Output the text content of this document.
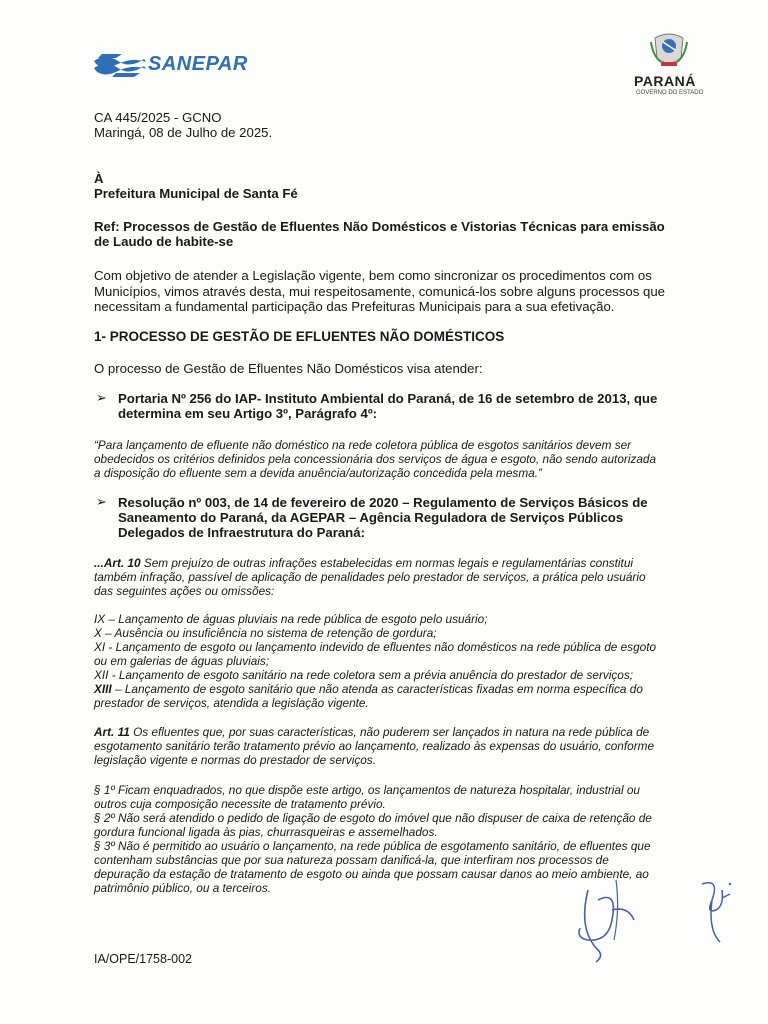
SANEPAR
PARANÁ
GOVERNO DO ESTADO
CA 445/2025 - GCNO
Maringá, 08 de Julho de 2025.
À
Prefeitura Municipal de Santa Fé
Ref: Processos de Gestão de Efluentes Não Domésticos e Vistorias Técnicas para emissão
de Laudo de habite-se
Com objetivo de atender a Legislação vigente, bem como sincronizar os procedimentos com os
Municípios, vimos através desta, mui respeitosamente, comunicá-los sobre alguns processos que
necessitam a fundamental participação das Prefeituras Municipais para a sua efetivação.
1- PROCESSO DE GESTÃO DE EFLUENTES NÃO DOMÉSTICOS
O processo de Gestão de Efluentes Não Domésticos visa atender:
➢ Portaria Nº 256 do IAP- Instituto Ambiental do Paraná, de 16 de setembro de 2013, que
determina em seu Artigo 3º, Parágrafo 4º:
“Para lançamento de efluente não doméstico na rede coletora pública de esgotos sanitários devem ser
obedecidos os critérios definidos pela concessionária dos serviços de água e esgoto, não sendo autorizada
a disposição do efluente sem a devida anuência/autorização concedida pela mesma.”
➢ Resolução nº 003, de 14 de fevereiro de 2020 – Regulamento de Serviços Básicos de
Saneamento do Paraná, da AGEPAR – Agência Reguladora de Serviços Públicos
Delegados de Infraestrutura do Paraná:
...Art. 10 Sem prejuízo de outras infrações estabelecidas em normas legais e regulamentárias constitui
também infração, passível de aplicação de penalidades pelo prestador de serviços, a prática pelo usuário
das seguintes ações ou omissões:
IX – Lançamento de águas pluviais na rede pública de esgoto pelo usuário;
X – Ausência ou insuficiência no sistema de retenção de gordura;
XI - Lançamento de esgoto ou lançamento indevido de efluentes não domésticos na rede pública de esgoto
ou em galerias de águas pluviais;
XII - Lançamento de esgoto sanitário na rede coletora sem a prévia anuência do prestador de serviços;
XIII – Lançamento de esgoto sanitário que não atenda as características fixadas em norma específica do
prestador de serviços, atendida a legislação vigente.
Art. 11 Os efluentes que, por suas características, não puderem ser lançados in natura na rede pública de
esgotamento sanitário terão tratamento prévio ao lançamento, realizado às expensas do usuário, conforme
legislação vigente e normas do prestador de serviços.
§ 1º Ficam enquadrados, no que dispõe este artigo, os lançamentos de natureza hospitalar, industrial ou
outros cuja composição necessite de tratamento prévio.
§ 2º Não será atendido o pedido de ligação de esgoto do imóvel que não dispuser de caixa de retenção de
gordura funcional ligada às pias, churrasqueiras e assemelhados.
§ 3º Não é permitido ao usuário o lançamento, na rede pública de esgotamento sanitário, de efluentes que
contenham substâncias que por sua natureza possam danificá-la, que interfiram nos processos de
depuração da estação de tratamento de esgoto ou ainda que possam causar danos ao meio ambiente, ao
patrimônio público, ou a terceiros.
IA/OPE/1758-002
